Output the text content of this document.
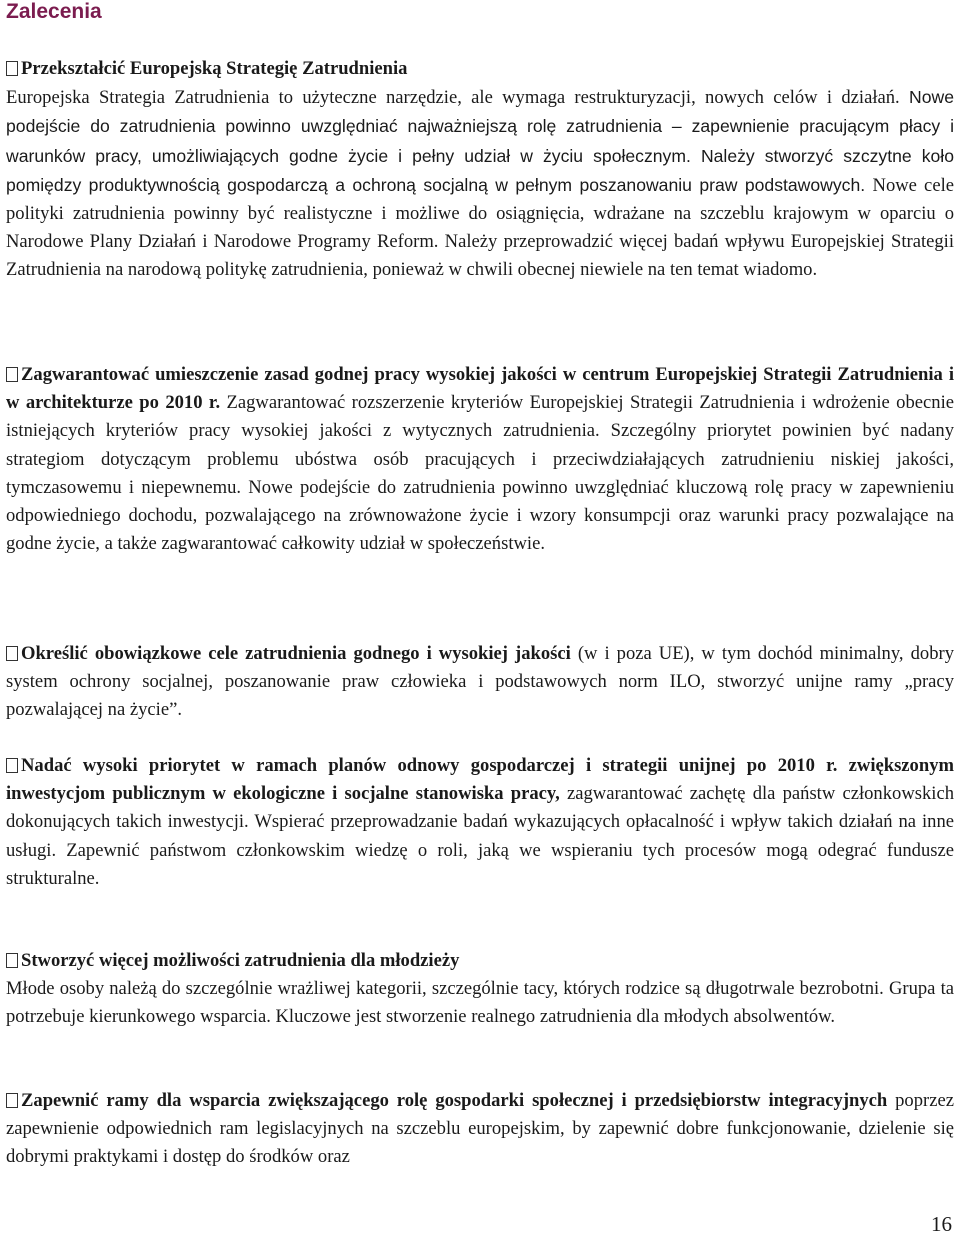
Zalecenia
Przekształcić Europejską Strategię Zatrudnienia
Europejska Strategia Zatrudnienia to użyteczne narzędzie, ale wymaga restrukturyzacji, nowych celów i działań. Nowe podejście do zatrudnienia powinno uwzględniać najważniejszą rolę zatrudnienia – zapewnienie pracującym płacy i warunków pracy, umożliwiających godne życie i pełny udział w życiu społecznym. Należy stworzyć szczytne koło pomiędzy produktywnością gospodarczą a ochroną socjalną w pełnym poszanowaniu praw podstawowych. Nowe cele polityki zatrudnienia powinny być realistyczne i możliwe do osiągnięcia, wdrażane na szczeblu krajowym w oparciu o Narodowe Plany Działań i Narodowe Programy Reform. Należy przeprowadzić więcej badań wpływu Europejskiej Strategii Zatrudnienia na narodową politykę zatrudnienia, ponieważ w chwili obecnej niewiele na ten temat wiadomo.
Zagwarantować umieszczenie zasad godnej pracy wysokiej jakości w centrum Europejskiej Strategii Zatrudnienia i w architekturze po 2010 r. Zagwarantować rozszerzenie kryteriów Europejskiej Strategii Zatrudnienia i wdrożenie obecnie istniejących kryteriów pracy wysokiej jakości z wytycznych zatrudnienia. Szczególny priorytet powinien być nadany strategiom dotyczącym problemu ubóstwa osób pracujących i przeciwdziałających zatrudnieniu niskiej jakości, tymczasowemu i niepewnemu. Nowe podejście do zatrudnienia powinno uwzględniać kluczową rolę pracy w zapewnieniu odpowiedniego dochodu, pozwalającego na zrównoważone życie i wzory konsumpcji oraz warunki pracy pozwalające na godne życie, a także zagwarantować całkowity udział w społeczeństwie.
Określić obowiązkowe cele zatrudnienia godnego i wysokiej jakości (w i poza UE), w tym dochód minimalny, dobry system ochrony socjalnej, poszanowanie praw człowieka i podstawowych norm ILO, stworzyć unijne ramy „pracy pozwalającej na życie”.
Nadać wysoki priorytet w ramach planów odnowy gospodarczej i strategii unijnej po 2010 r. zwiększonym inwestycjom publicznym w ekologiczne i socjalne stanowiska pracy, zagwarantować zachętę dla państw członkowskich dokonujących takich inwestycji. Wspierać przeprowadzanie badań wykazujących opłacalność i wpływ takich działań na inne usługi. Zapewnić państwom członkowskim wiedzę o roli, jaką we wspieraniu tych procesów mogą odegrać fundusze strukturalne.
Stworzyć więcej możliwości zatrudnienia dla młodzieży
Młode osoby należą do szczególnie wrażliwej kategorii, szczególnie tacy, których rodzice są długotrwale bezrobotni. Grupa ta potrzebuje kierunkowego wsparcia. Kluczowe jest stworzenie realnego zatrudnienia dla młodych absolwentów.
Zapewnić ramy dla wsparcia zwiększającego rolę gospodarki społecznej i przedsiębiorstw integracyjnych poprzez zapewnienie odpowiednich ram legislacyjnych na szczeblu europejskim, by zapewnić dobre funkcjonowanie, dzielenie się dobrymi praktykami i dostęp do środków oraz
16
